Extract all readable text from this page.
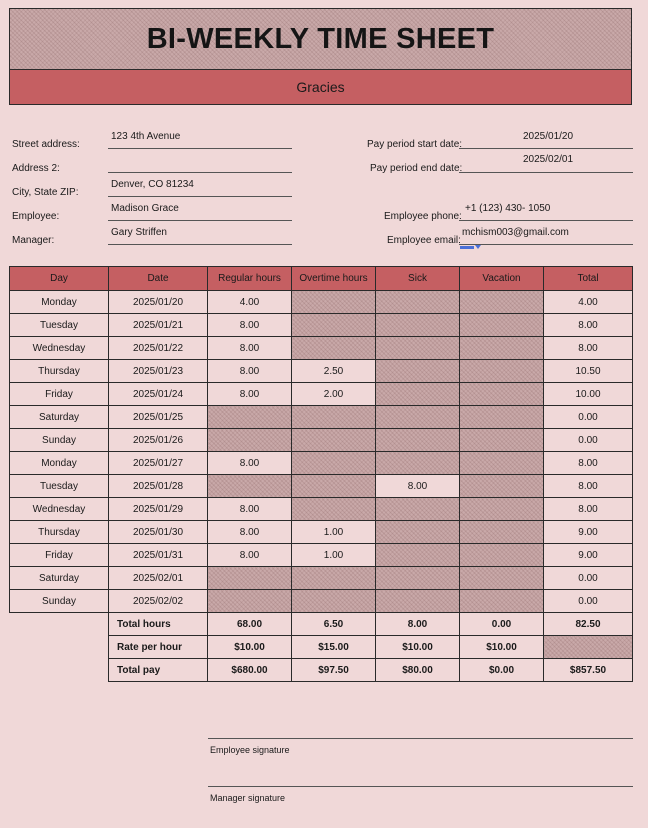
BI-WEEKLY TIME SHEET
Gracies
Street address:
123 4th Avenue
Address 2:
City, State ZIP:
Denver, CO 81234
Employee:
Madison Grace
Manager:
Gary Striffen
Pay period start date:
2025/01/20
Pay period end date:
2025/02/01
Employee phone:
+1 (123) 430- 1050
Employee email:
mchism003@gmail.com
Day	Date	Regular hours	Overtime hours	Sick	Vacation	Total
Monday	2025/01/20	4.00				4.00
Tuesday	2025/01/21	8.00				8.00
Wednesday	2025/01/22	8.00				8.00
Thursday	2025/01/23	8.00	2.50			10.50
Friday	2025/01/24	8.00	2.00			10.00
Saturday	2025/01/25					0.00
Sunday	2025/01/26					0.00
Monday	2025/01/27	8.00				8.00
Tuesday	2025/01/28			8.00		8.00
Wednesday	2025/01/29	8.00				8.00
Thursday	2025/01/30	8.00	1.00			9.00
Friday	2025/01/31	8.00	1.00			9.00
Saturday	2025/02/01					0.00
Sunday	2025/02/02					0.00
	Total hours	68.00	6.50	8.00	0.00	82.50
	Rate per hour	$10.00	$15.00	$10.00	$10.00	
	Total pay	$680.00	$97.50	$80.00	$0.00	$857.50
Employee signature
Manager signature
